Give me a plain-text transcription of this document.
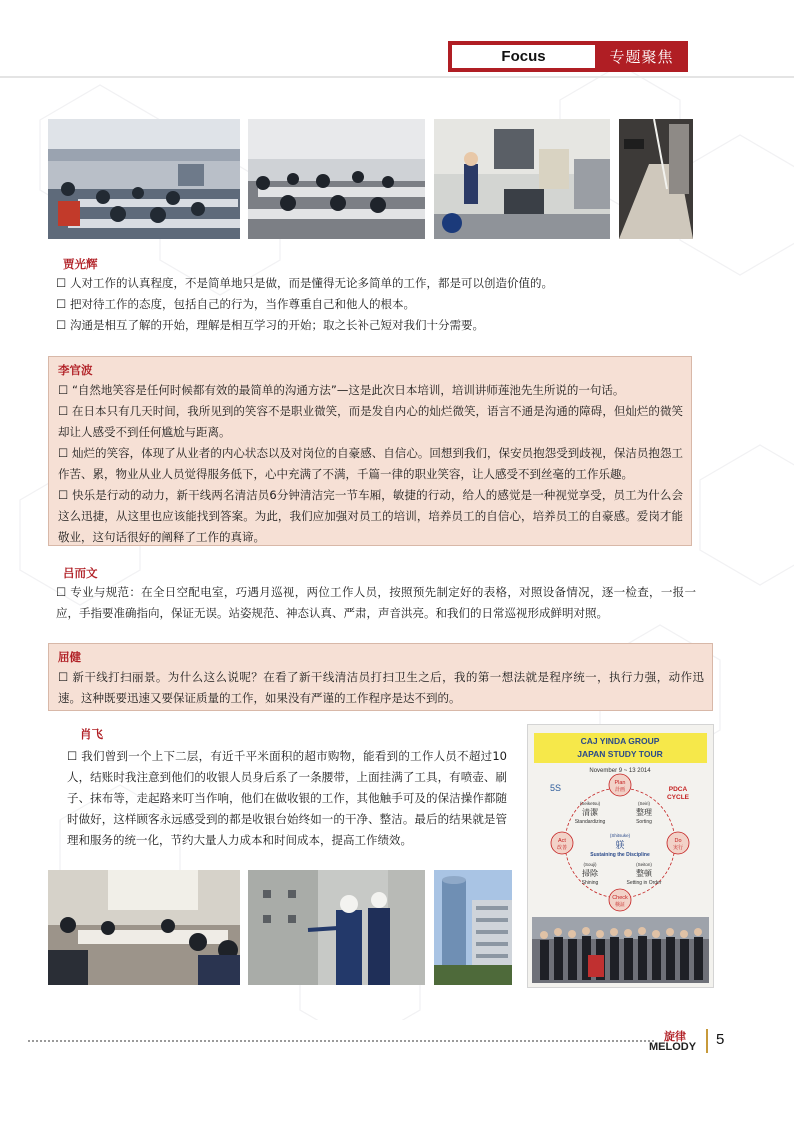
Focus	专题聚焦
贾光辉
☐ 人对工作的认真程度，不是简单地只是做，而是懂得无论多简单的工作，都是可以创造价值的。
☐ 把对待工作的态度，包括自己的行为，当作尊重自己和他人的根本。
☐ 沟通是相互了解的开始，理解是相互学习的开始；取之长补己短对我们十分需要。
李官波
☐ “自然地笑容是任何时候都有效的最简单的沟通方法”—这是此次日本培训，培训讲师莲池先生所说的一句话。
☐ 在日本只有几天时间，我所见到的笑容不是职业微笑，而是发自内心的灿烂微笑，语言不通是沟通的障碍，但灿烂的微笑却让人感受不到任何尴尬与距离。
☐ 灿烂的笑容，体现了从业者的内心状态以及对岗位的自豪感、自信心。回想到我们，保安员抱怨受到歧视，保洁员抱怨工作苦、累，物业从业人员觉得服务低下，心中充满了不满，千篇一律的职业笑容，让人感受不到丝毫的工作乐趣。
☐ 快乐是行动的动力，新干线两名清洁员6分钟清洁完一节车厢，敏捷的行动，给人的感觉是一种视觉享受，员工为什么会这么迅捷，从这里也应该能找到答案。为此，我们应加强对员工的培训，培养员工的自信心，培养员工的自豪感。爱岗才能敬业，这句话很好的阐释了工作的真谛。
吕而文
☐ 专业与规范：在全日空配电室，巧遇月巡视，两位工作人员，按照预先制定好的表格，对照设备情况，逐一检查，一报一应，手指要准确指向，保证无误。站姿规范、神态认真、严肃，声音洪亮。和我们的日常巡视形成鲜明对照。
屈健
☐ 新干线打扫丽景。为什么这么说呢？在看了新干线清洁员打扫卫生之后，我的第一想法就是程序统一，执行力强，动作迅速。这种既要迅速又要保证质量的工作，如果没有严谨的工作程序是达不到的。
肖飞
☐ 我们曾到一个上下二层，有近千平米面积的超市购物，能看到的工作人员不超过10人，结账时我注意到他们的收银人员身后系了一条腰带，上面挂满了工具，有喷壶、刷子、抹布等，走起路来叮当作响，他们在做收银的工作，其他触手可及的保洁操作都随时做好，这样顾客永远感受到的都是收银台始终如一的干净、整洁。最后的结果就是管理和服务的统一化，节约大量人力成本和时间成本，提高工作绩效。
CAJ YINDA GROUP
JAPAN STUDY TOUR
November 9 ~ 13 2014
5S	PDCA
CYCLE
Plan
計画
Do
実行
Check
検証
Act
改善
(Seiketsu)
清潔
Standardizing
(Seiri)
整理
Sorting
(Shitsuke)
躾
Sustaining the Discipline
(Souji)
掃除
Shining
(Seiton)
整頓
Setting in Order
旋律
MELODY 5
